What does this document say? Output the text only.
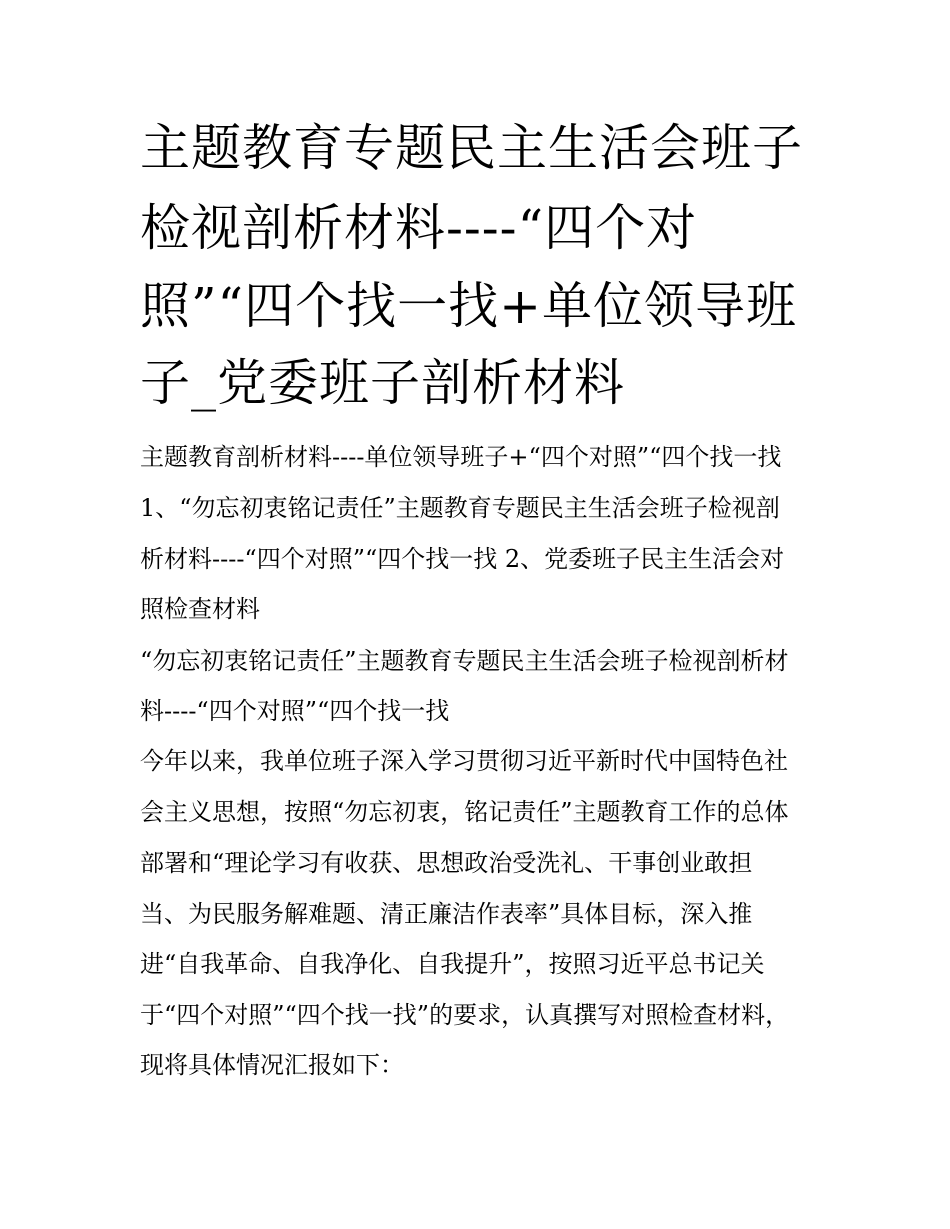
主题教育专题民主生活会班子
检视剖析材料----“四个对
照”“四个找一找+单位领导班
子_党委班子剖析材料
主题教育剖析材料----单位领导班子+“四个对照”“四个找一找
1、“勿忘初衷铭记责任”主题教育专题民主生活会班子检视剖
析材料----“四个对照”“四个找一找 2、党委班子民主生活会对
照检查材料
“勿忘初衷铭记责任”主题教育专题民主生活会班子检视剖析材
料----“四个对照”“四个找一找
今年以来，我单位班子深入学习贯彻习近平新时代中国特色社
会主义思想，按照“勿忘初衷，铭记责任”主题教育工作的总体
部署和“理论学习有收获、思想政治受洗礼、干事创业敢担
当、为民服务解难题、清正廉洁作表率”具体目标，深入推
进“自我革命、自我净化、自我提升”，按照习近平总书记关
于“四个对照”“四个找一找”的要求，认真撰写对照检查材料，
现将具体情况汇报如下：
